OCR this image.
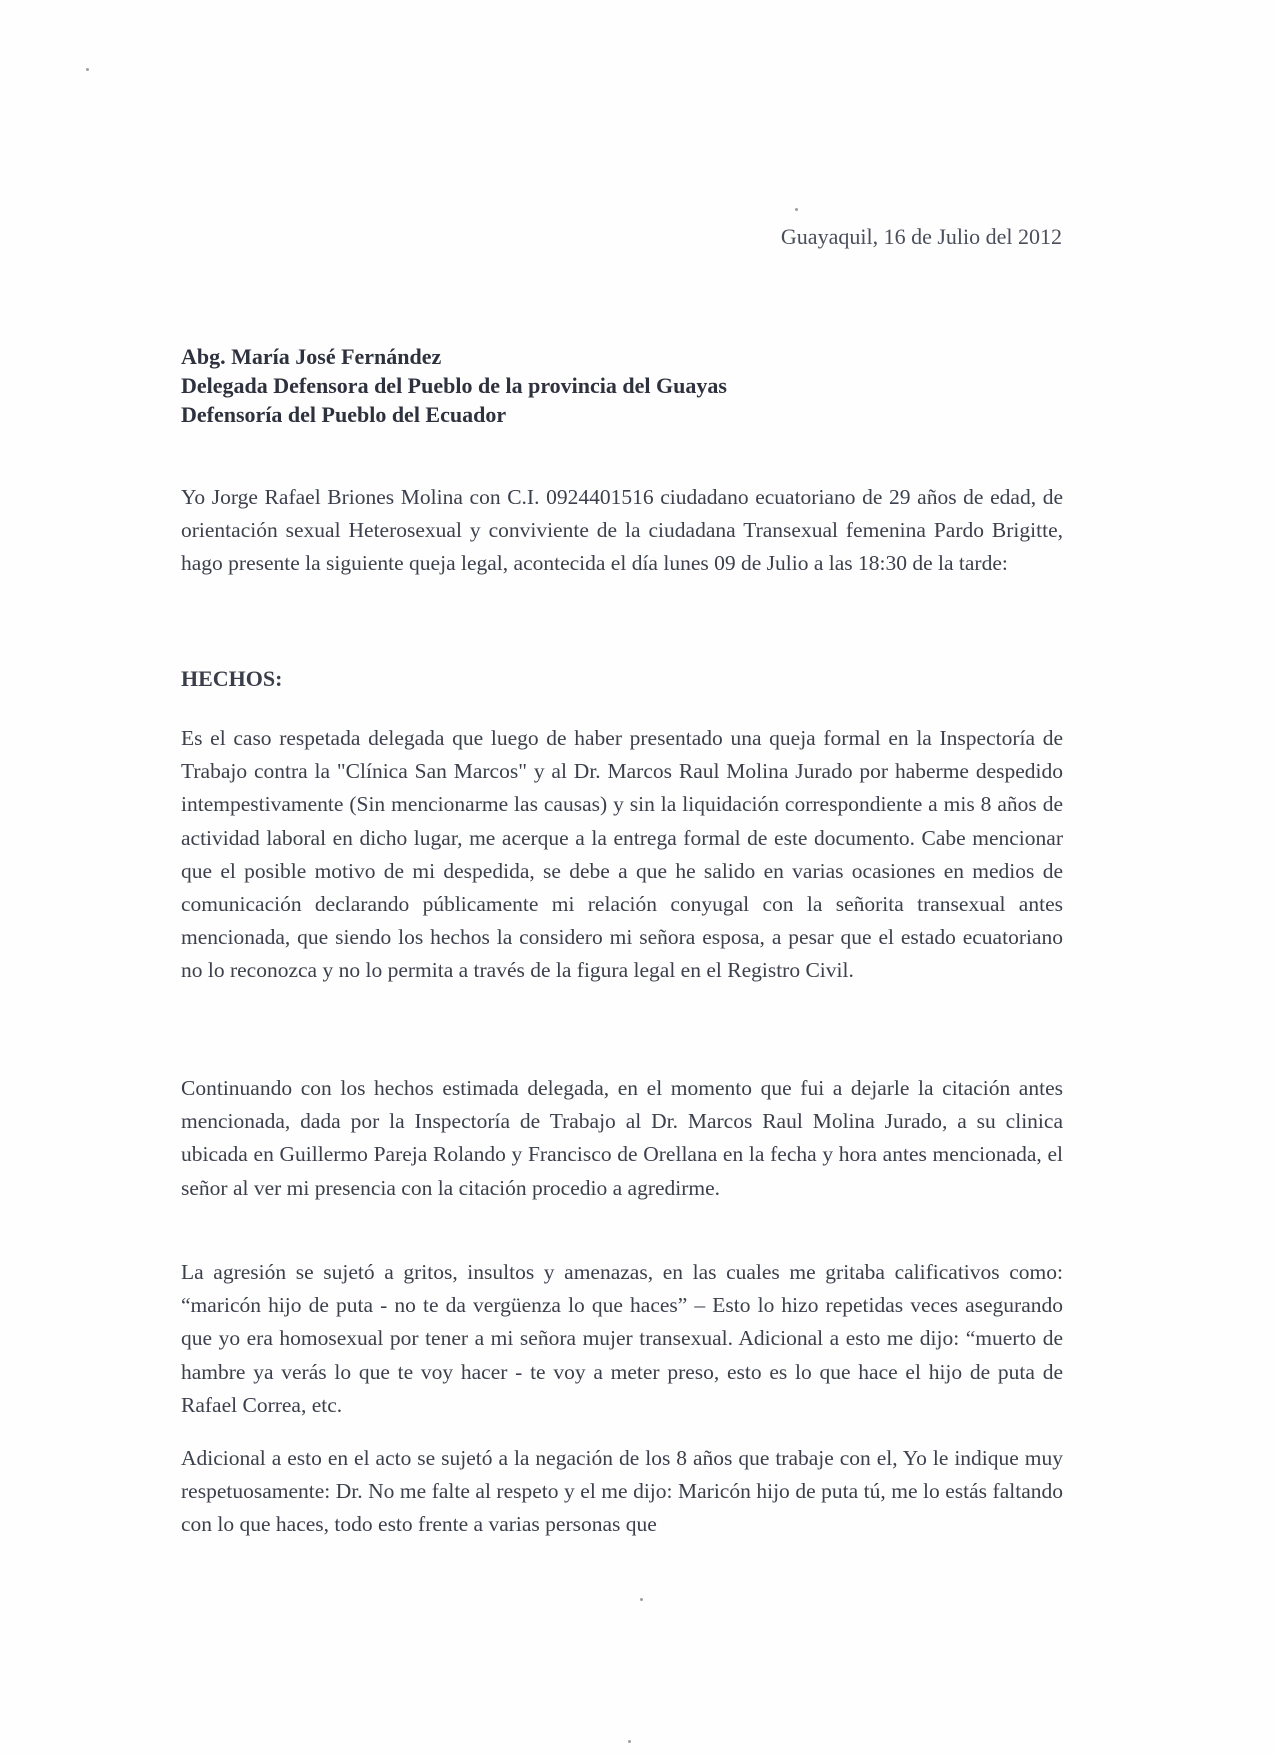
Guayaquil, 16 de Julio del 2012
Abg. María José Fernández
Delegada Defensora del Pueblo de la provincia del Guayas
Defensoría del Pueblo del Ecuador

Yo Jorge Rafael Briones Molina con C.I. 0924401516 ciudadano ecuatoriano de 29 años de edad, de orientación sexual Heterosexual y conviviente de la ciudadana Transexual femenina Pardo Brigitte, hago presente la siguiente queja legal, acontecida el día lunes 09 de Julio a las 18:30 de la tarde:

HECHOS:

Es el caso respetada delegada que luego de haber presentado una queja formal en la Inspectoría de Trabajo contra la "Clínica San Marcos" y al Dr. Marcos Raul Molina Jurado por haberme despedido intempestivamente (Sin mencionarme las causas) y sin la liquidación correspondiente a mis 8 años de actividad laboral en dicho lugar, me acerque a la entrega formal de este documento. Cabe mencionar que el posible motivo de mi despedida, se debe a que he salido en varias ocasiones en medios de comunicación declarando públicamente mi relación conyugal con la señorita transexual antes mencionada, que siendo los hechos la considero mi señora esposa, a pesar que el estado ecuatoriano no lo reconozca y no lo permita a través de la figura legal en el Registro Civil.

Continuando con los hechos estimada delegada, en el momento que fui a dejarle la citación antes mencionada, dada por la Inspectoría de Trabajo al Dr. Marcos Raul Molina Jurado, a su clinica ubicada en Guillermo Pareja Rolando y Francisco de Orellana en la fecha y hora antes mencionada, el señor al ver mi presencia con la citación procedio a agredirme.

La agresión se sujetó a gritos, insultos y amenazas, en las cuales me gritaba calificativos como: “maricón hijo de puta - no te da vergüenza lo que haces” – Esto lo hizo repetidas veces asegurando que yo era homosexual por tener a mi señora mujer transexual. Adicional a esto me dijo: “muerto de hambre ya verás lo que te voy hacer - te voy a meter preso, esto es lo que hace el hijo de puta de Rafael Correa, etc.

Adicional a esto en el acto se sujetó a la negación de los 8 años que trabaje con el, Yo le indique muy respetuosamente: Dr. No me falte al respeto y el me dijo: Maricón hijo de puta tú, me lo estás faltando con lo que haces, todo esto frente a varias personas que
